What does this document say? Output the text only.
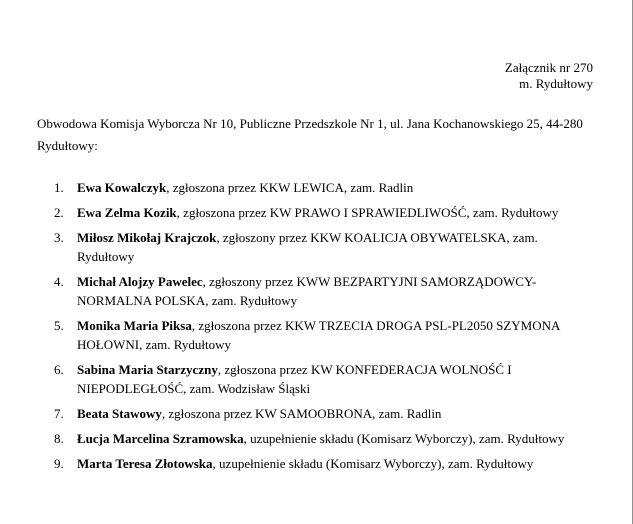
Załącznik nr 270
m. Rydułtowy
Obwodowa Komisja Wyborcza Nr 10, Publiczne Przedszkole Nr 1, ul. Jana Kochanowskiego 25, 44-280 Rydułtowy:
1. Ewa Kowalczyk, zgłoszona przez KKW LEWICA, zam. Radlin
2. Ewa Zelma Kozik, zgłoszona przez KW PRAWO I SPRAWIEDLIWOŚĆ, zam. Rydułtowy
3. Miłosz Mikołaj Krajczok, zgłoszony przez KKW KOALICJA OBYWATELSKA, zam. Rydułtowy
4. Michał Alojzy Pawelec, zgłoszony przez KWW BEZPARTYJNI SAMORZĄDOWCY-NORMALNA POLSKA, zam. Rydułtowy
5. Monika Maria Piksa, zgłoszona przez KKW TRZECIA DROGA PSL-PL2050 SZYMONA HOŁOWNI, zam. Rydułtowy
6. Sabina Maria Starzyczny, zgłoszona przez KW KONFEDERACJA WOLNOŚĆ I NIEPODLEGŁOŚĆ, zam. Wodzisław Śląski
7. Beata Stawowy, zgłoszona przez KW SAMOOBRONA, zam. Radlin
8. Łucja Marcelina Szramowska, uzupełnienie składu (Komisarz Wyborczy), zam. Rydułtowy
9. Marta Teresa Złotowska, uzupełnienie składu (Komisarz Wyborczy), zam. Rydułtowy
